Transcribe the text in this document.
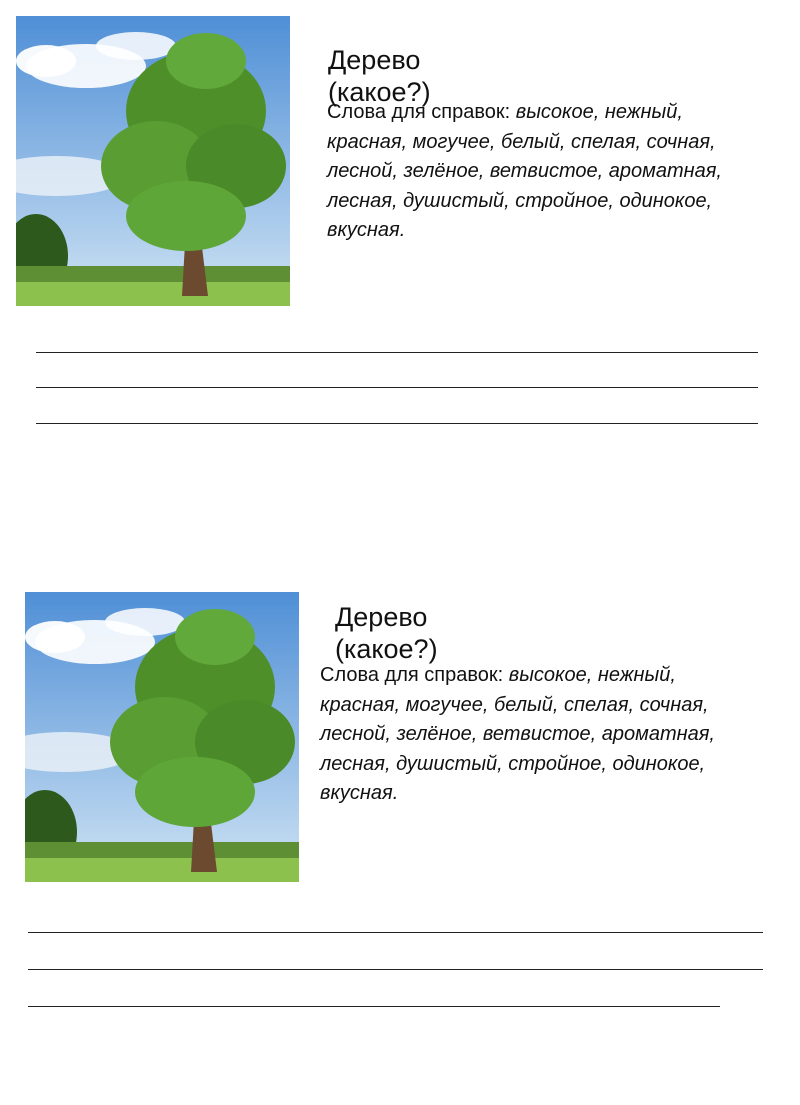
Дерево (какое?)

Слова для справок: высокое, нежный, красная, могучее, белый, спелая, сочная, лесной, зелёное, ветвистое, ароматная, лесная, душистый, стройное, одинокое, вкусная.

Дерево (какое?)

Слова для справок: высокое, нежный, красная, могучее, белый, спелая, сочная, лесной, зелёное, ветвистое, ароматная, лесная, душистый, стройное, одинокое, вкусная.
